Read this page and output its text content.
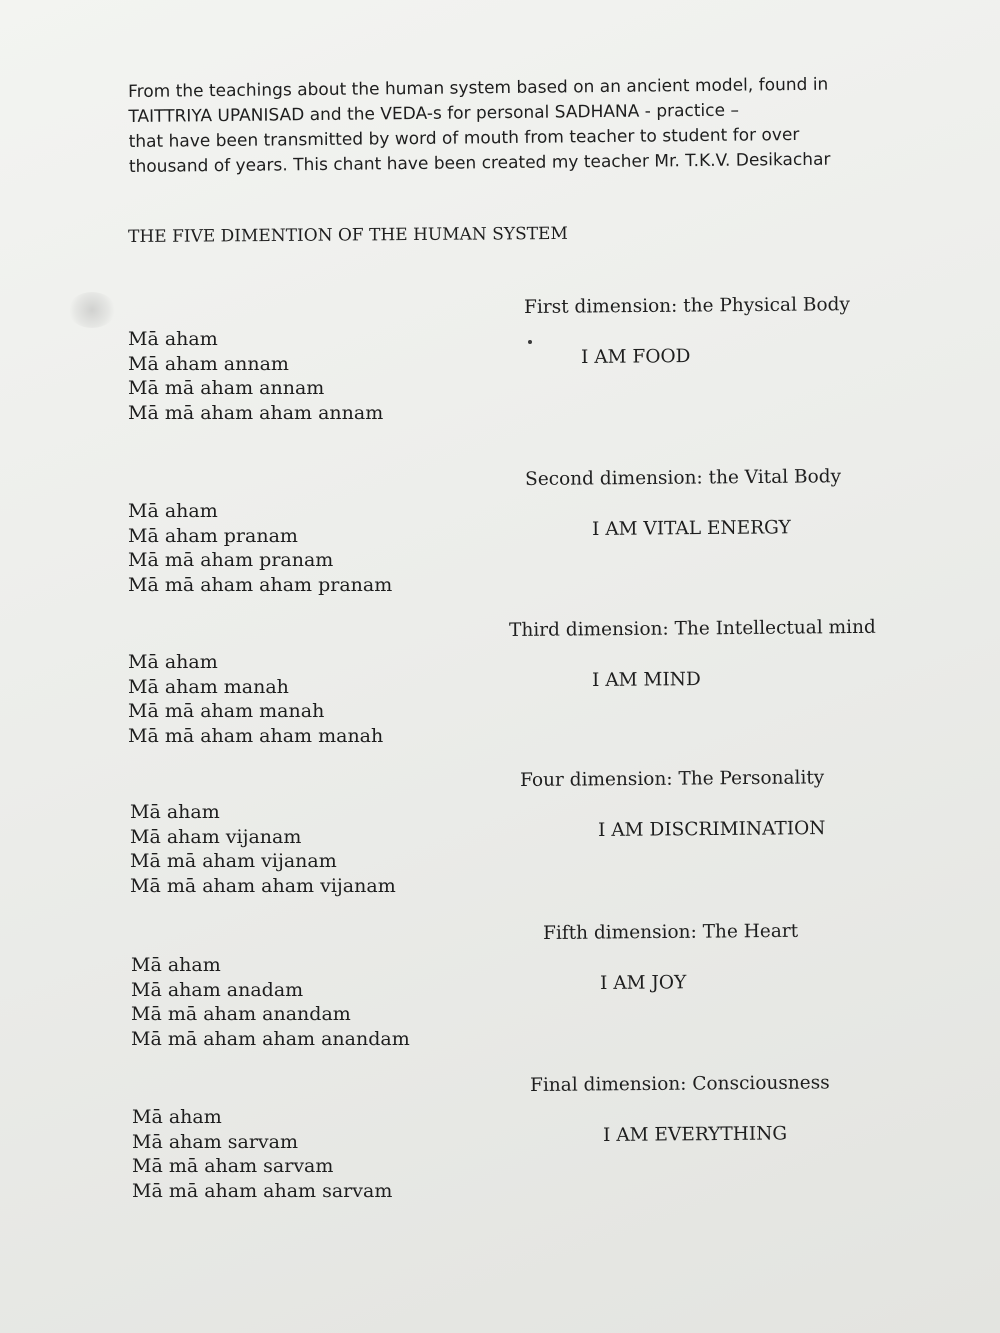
From the teachings about the human system based on an ancient model, found in
TAITTRIYA UPANISAD and the VEDA-s for personal SADHANA - practice –
that have been transmitted by word of mouth from teacher to student for over
thousand of years. This chant have been created my teacher Mr. T.K.V. Desikachar
THE FIVE DIMENTION OF THE HUMAN SYSTEM
First dimension: the Physical Body
I AM FOOD
Mā aham
Mā aham annam
Mā mā aham annam
Mā mā aham aham annam
Second dimension: the Vital Body
I AM VITAL ENERGY
Mā aham
Mā aham pranam
Mā mā aham pranam
Mā mā aham aham pranam
Third dimension: The Intellectual mind
I AM MIND
Mā aham
Mā aham manah
Mā mā aham manah
Mā mā aham aham manah
Four dimension: The Personality
I AM DISCRIMINATION
Mā aham
Mā aham vijanam
Mā mā aham vijanam
Mā mā aham aham vijanam
Fifth dimension: The Heart
I AM JOY
Mā aham
Mā aham anadam
Mā mā aham anandam
Mā mā aham aham anandam
Final dimension: Consciousness
I AM EVERYTHING
Mā aham
Mā aham sarvam
Mā mā aham sarvam
Mā mā aham aham sarvam
